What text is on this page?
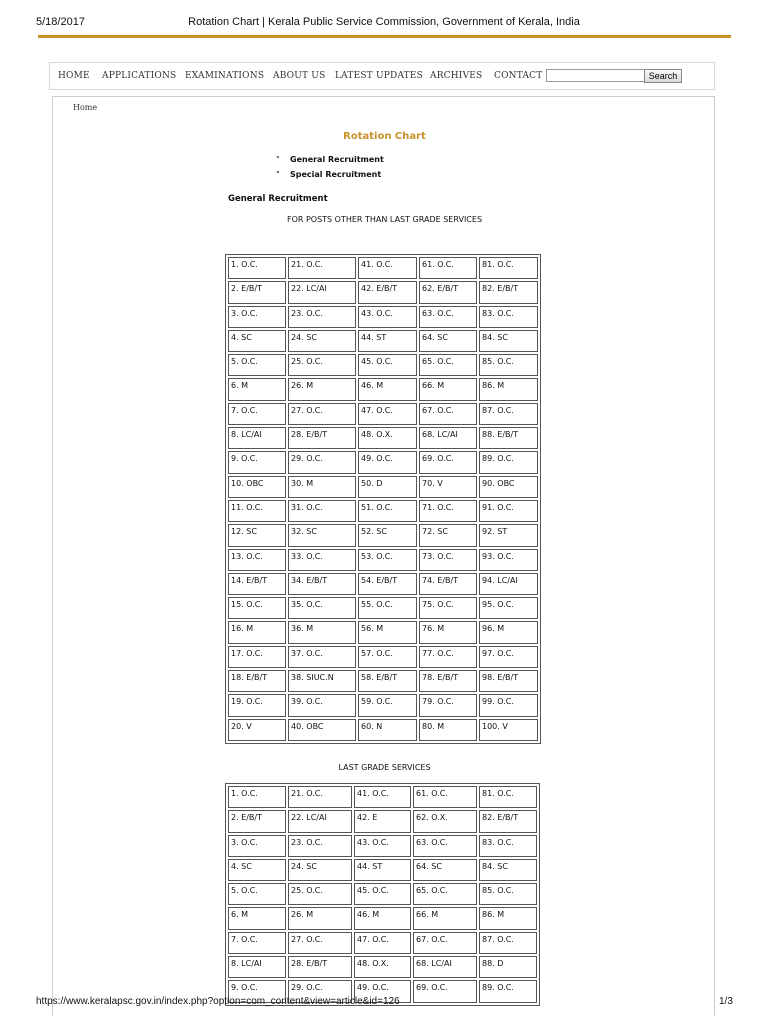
5/18/2017	Rotation Chart | Kerala Public Service Commission, Government of Kerala, India
HOME APPLICATIONS EXAMINATIONS ABOUT US LATEST UPDATES ARCHIVES CONTACT	Search
Home
Rotation Chart
" General Recruitment
" Special Recruitment
General Recruitment
FOR POSTS OTHER THAN LAST GRADE SERVICES
1. O.C.	21. O.C.	41. O.C.	61. O.C.	81. O.C.
2. E/B/T	22. LC/AI	42. E/B/T	62. E/B/T	82. E/B/T
3. O.C.	23. O.C.	43. O.C.	63. O.C.	83. O.C.
4. SC	24. SC	44. ST	64. SC	84. SC
5. O.C.	25. O.C.	45. O.C.	65. O.C.	85. O.C.
6. M	26. M	46. M	66. M	86. M
7. O.C.	27. O.C.	47. O.C.	67. O.C.	87. O.C.
8. LC/AI	28. E/B/T	48. O.X.	68. LC/AI	88. E/B/T
9. O.C.	29. O.C.	49. O.C.	69. O.C.	89. O.C.
10. OBC	30. M	50. D	70. V	90. OBC
11. O.C.	31. O.C.	51. O.C.	71. O.C.	91. O.C.
12. SC	32. SC	52. SC	72. SC	92. ST
13. O.C.	33. O.C.	53. O.C.	73. O.C.	93. O.C.
14. E/B/T	34. E/B/T	54. E/B/T	74. E/B/T	94. LC/AI
15. O.C.	35. O.C.	55. O.C.	75. O.C.	95. O.C.
16. M	36. M	56. M	76. M	96. M
17. O.C.	37. O.C.	57. O.C.	77. O.C.	97. O.C.
18. E/B/T	38. SIUC.N	58. E/B/T	78. E/B/T	98. E/B/T
19. O.C.	39. O.C.	59. O.C.	79. O.C.	99. O.C.
20. V	40. OBC	60. N	80. M	100. V
LAST GRADE SERVICES
1. O.C.	21. O.C.	41. O.C.	61. O.C.	81. O.C.
2. E/B/T	22. LC/AI	42. E	62. O.X.	82. E/B/T
3. O.C.	23. O.C.	43. O.C.	63. O.C.	83. O.C.
4. SC	24. SC	44. ST	64. SC	84. SC
5. O.C.	25. O.C.	45. O.C.	65. O.C.	85. O.C.
6. M	26. M	46. M	66. M	86. M
7. O.C.	27. O.C.	47. O.C.	67. O.C.	87. O.C.
8. LC/AI	28. E/B/T	48. O.X.	68. LC/AI	88. D
9. O.C.	29. O.C.	49. O.C.	69. O.C.	89. O.C.
https://www.keralapsc.gov.in/index.php?option=com_content&view=article&id=126	1/3
